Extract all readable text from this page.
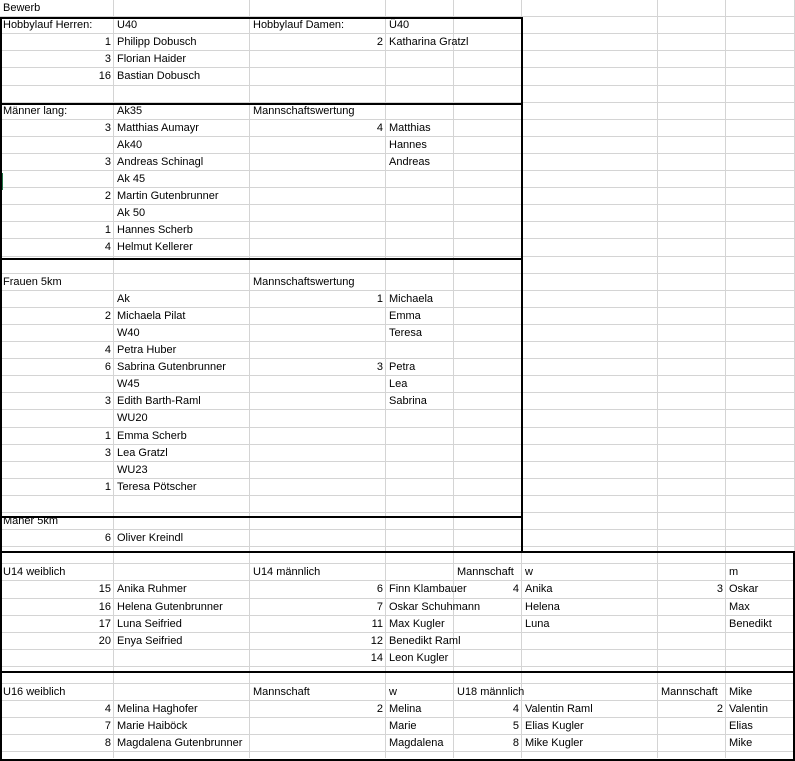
Bewerb
Hobbylauf Herren:	U40	Hobbylauf Damen:	Ü40
1 Philipp Dobusch	2 Katharina Gratzl
3 Florian Haider
16 Bastian Dobusch
Männer lang:	Ak35	Mannschaftswertung
3 Matthias Aumayr	4 Matthias
Ak40	Hannes
3 Andreas Schinagl	Andreas
Ak 45
2 Martin Gutenbrunner
Ak 50
1 Hannes Scherb
4 Helmut Kellerer
Frauen 5km	Mannschaftswertung
Ak	1 Michaela
2 Michaela Pilat	Emma
W40	Teresa
4 Petra Huber
6 Sabrina Gutenbrunner	3 Petra
W45	Lea
3 Edith Barth-Raml	Sabrina
WU20
1 Emma Scherb
3 Lea Gratzl
WU23
1 Teresa Pötscher
Mäner 5km
6 Oliver Kreindl
U14 weiblich	U14 männlich	Mannschaft	w	m
15 Anika Ruhmer	6 Finn Klambauer	4 Anika	3 Oskar
16 Helena Gutenbrunner	7 Oskar Schuhmann	Helena	Max
17 Luna Seifried	11 Max Kugler	Luna	Benedikt
20 Enya Seifried	12 Benedikt Raml
14 Leon Kugler
U16 weiblich	Mannschaft	w	U18 männlich	Mannschaft	Mike
4 Melina Haghofer	2 Melina	4 Valentin Raml	2 Valentin
7 Marie Haiböck	Marie	5 Elias Kugler	Elias
8 Magdalena Gutenbrunner	Magdalena	8 Mike Kugler	Mike
